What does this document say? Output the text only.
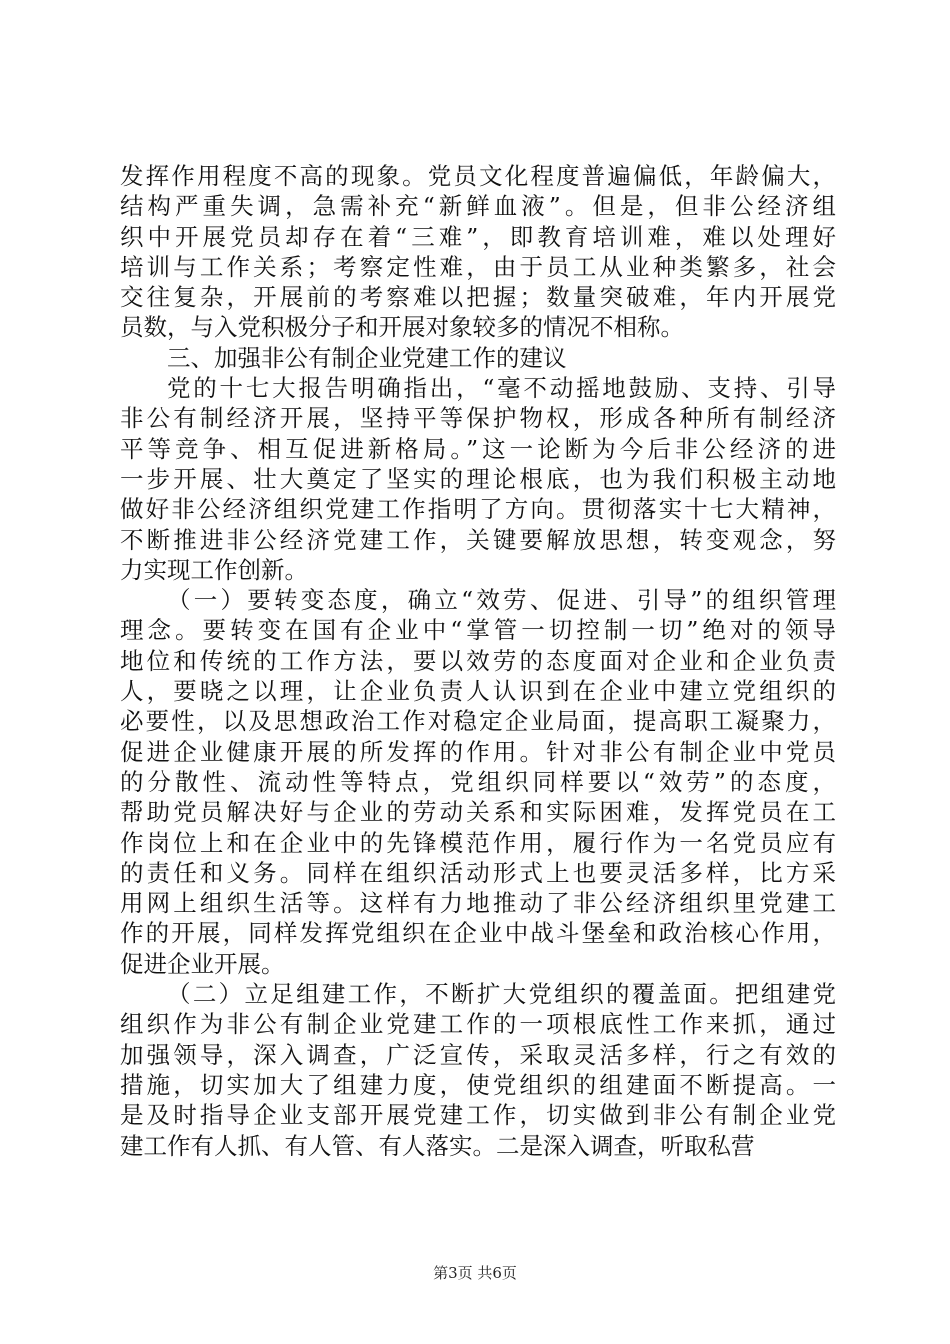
发挥作用程度不高的现象。党员文化程度普遍偏低，年龄偏大，
结构严重失调，急需补充“新鲜血液”。但是，但非公经济组
织中开展党员却存在着“三难”，即教育培训难，难以处理好
培训与工作关系；考察定性难，由于员工从业种类繁多，社会
交往复杂，开展前的考察难以把握；数量突破难，年内开展党
员数，与入党积极分子和开展对象较多的情况不相称。
三、加强非公有制企业党建工作的建议
党的十七大报告明确指出，“毫不动摇地鼓励、支持、引导
非公有制经济开展，坚持平等保护物权，形成各种所有制经济
平等竞争、相互促进新格局。”这一论断为今后非公经济的进
一步开展、壮大奠定了坚实的理论根底，也为我们积极主动地
做好非公经济组织党建工作指明了方向。贯彻落实十七大精神，
不断推进非公经济党建工作，关键要解放思想，转变观念，努
力实现工作创新。
（一）要转变态度，确立“效劳、促进、引导”的组织管理
理念。要转变在国有企业中“掌管一切控制一切”绝对的领导
地位和传统的工作方法，要以效劳的态度面对企业和企业负责
人，要晓之以理，让企业负责人认识到在企业中建立党组织的
必要性，以及思想政治工作对稳定企业局面，提高职工凝聚力，
促进企业健康开展的所发挥的作用。针对非公有制企业中党员
的分散性、流动性等特点，党组织同样要以“效劳”的态度，
帮助党员解决好与企业的劳动关系和实际困难，发挥党员在工
作岗位上和在企业中的先锋模范作用，履行作为一名党员应有
的责任和义务。同样在组织活动形式上也要灵活多样，比方采
用网上组织生活等。这样有力地推动了非公经济组织里党建工
作的开展，同样发挥党组织在企业中战斗堡垒和政治核心作用，
促进企业开展。
（二）立足组建工作，不断扩大党组织的覆盖面。把组建党
组织作为非公有制企业党建工作的一项根底性工作来抓，通过
加强领导，深入调查，广泛宣传，采取灵活多样，行之有效的
措施，切实加大了组建力度，使党组织的组建面不断提高。一
是及时指导企业支部开展党建工作，切实做到非公有制企业党
建工作有人抓、有人管、有人落实。二是深入调查，听取私营
第3页 共6页
